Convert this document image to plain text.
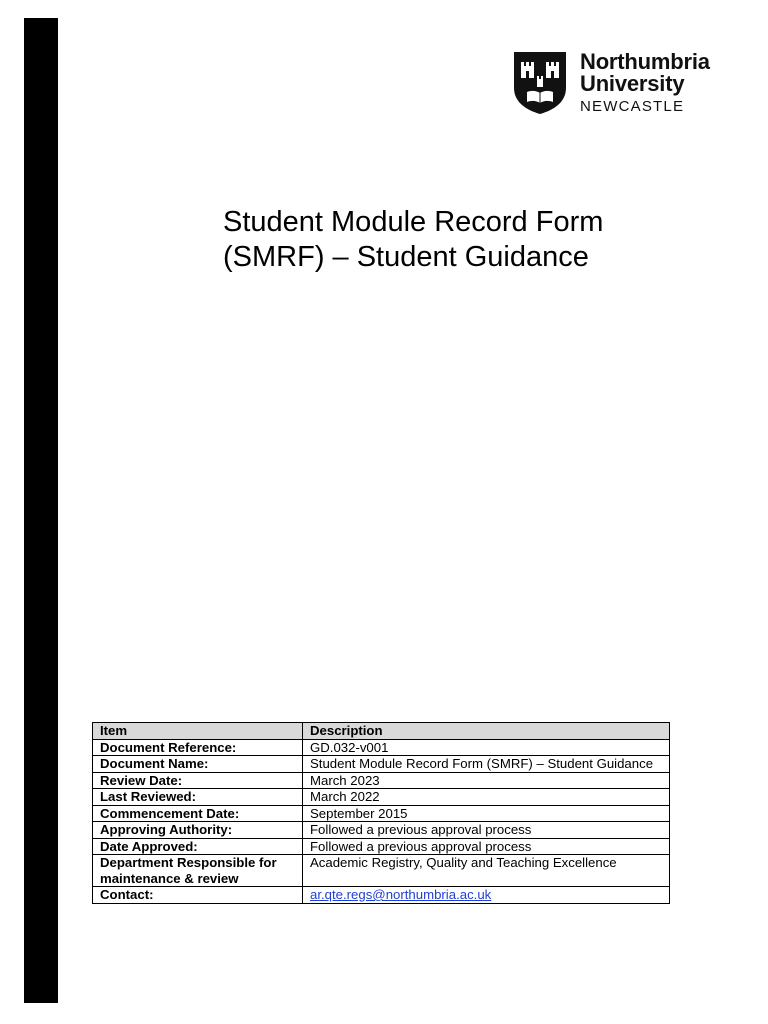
Northumbria
University
NEWCASTLE
Student Module Record Form
(SMRF) – Student Guidance
Item	Description
Document Reference:	GD.032-v001
Document Name:	Student Module Record Form (SMRF) – Student Guidance
Review Date:	March 2023
Last Reviewed:	March 2022
Commencement Date:	September 2015
Approving Authority:	Followed a previous approval process
Date Approved:	Followed a previous approval process
Department Responsible for maintenance & review	Academic Registry, Quality and Teaching Excellence
Contact:	ar.qte.regs@northumbria.ac.uk
